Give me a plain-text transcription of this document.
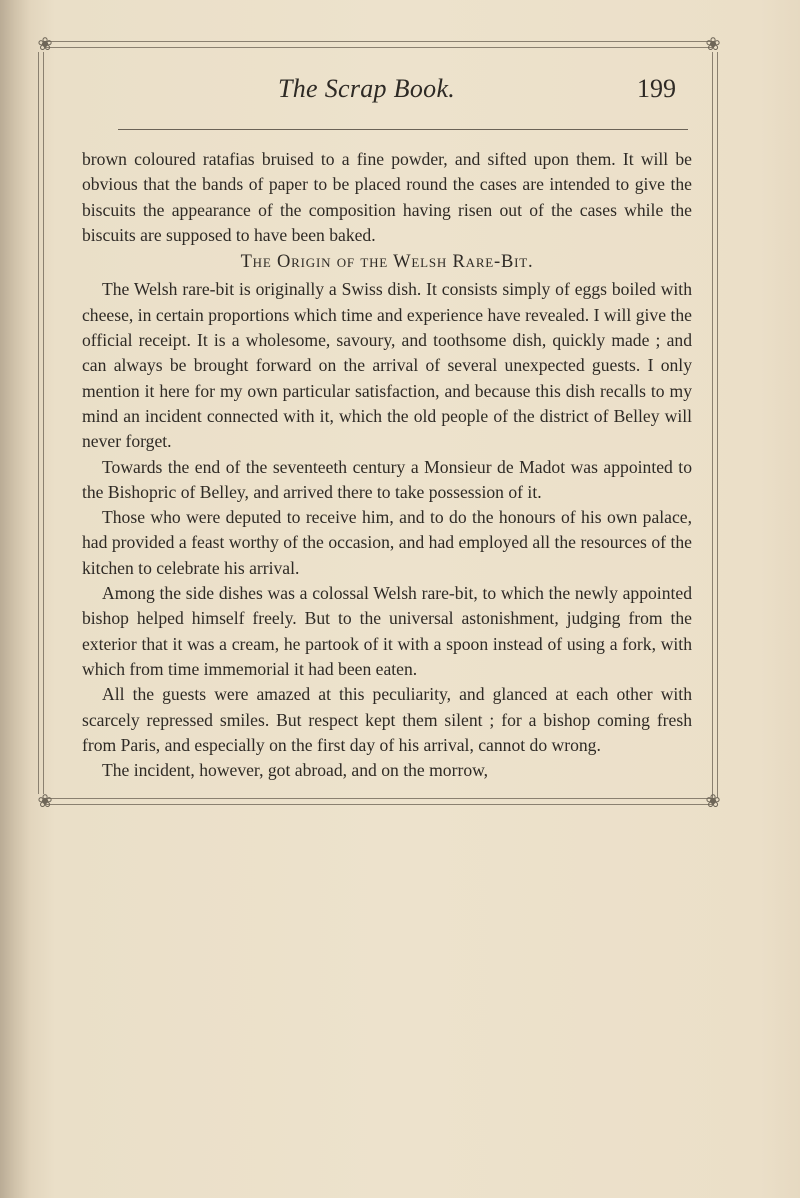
❀	❀
❀	❀
The Scrap Book.	199

brown coloured ratafias bruised to a fine powder, and sifted upon them. It will be obvious that the bands of paper to be placed round the cases are intended to give the biscuits the appearance of the composition having risen out of the cases while the biscuits are supposed to have been baked.

The Origin of the Welsh Rare-Bit.

The Welsh rare-bit is originally a Swiss dish. It consists simply of eggs boiled with cheese, in certain proportions which time and experience have revealed. I will give the official receipt. It is a wholesome, savoury, and toothsome dish, quickly made ; and can always be brought forward on the arrival of several unexpected guests. I only mention it here for my own particular satisfaction, and because this dish recalls to my mind an incident connected with it, which the old people of the district of Belley will never forget.

Towards the end of the seventeeth century a Monsieur de Madot was appointed to the Bishopric of Belley, and arrived there to take possession of it.

Those who were deputed to receive him, and to do the honours of his own palace, had provided a feast worthy of the occasion, and had employed all the resources of the kitchen to celebrate his arrival.

Among the side dishes was a colossal Welsh rare-bit, to which the newly appointed bishop helped himself freely. But to the universal astonishment, judging from the exterior that it was a cream, he partook of it with a spoon instead of using a fork, with which from time immemorial it had been eaten.

All the guests were amazed at this peculiarity, and glanced at each other with scarcely repressed smiles. But respect kept them silent ; for a bishop coming fresh from Paris, and especially on the first day of his arrival, cannot do wrong.

The incident, however, got abroad, and on the morrow,
